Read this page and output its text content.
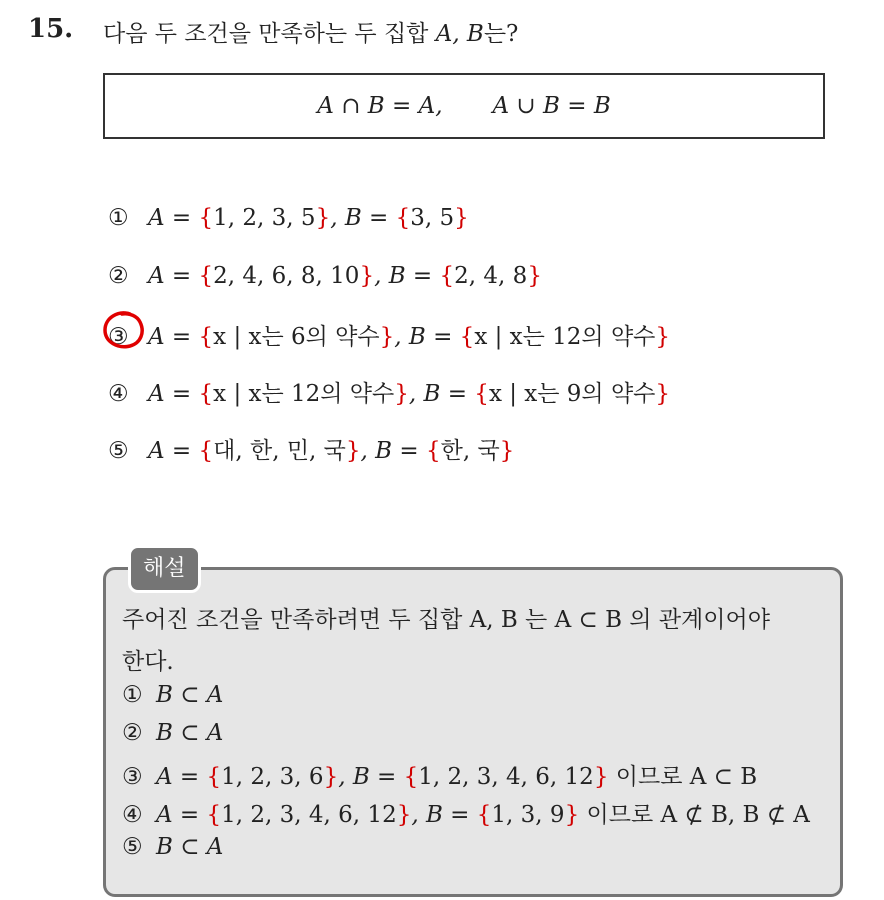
15. 다음 두 조건을 만족하는 두 집합 A, B는?
A ∩ B = A, A ∪ B = B
① A = {1, 2, 3, 5}, B = {3, 5}
② A = {2, 4, 6, 8, 10}, B = {2, 4, 8}
③ A = {x | x는 6의 약수}, B = {x | x는 12의 약수}
④ A = {x | x는 12의 약수}, B = {x | x는 9의 약수}
⑤ A = {대, 한, 민, 국}, B = {한, 국}
해설
주어진 조건을 만족하려면 두 집합 A, B 는 A ⊂ B 의 관계이어야
한다.
① B ⊂ A
② B ⊂ A
③ A = {1, 2, 3, 6}, B = {1, 2, 3, 4, 6, 12} 이므로 A ⊂ B
④ A = {1, 2, 3, 4, 6, 12}, B = {1, 3, 9} 이므로 A ⊄ B, B ⊄ A
⑤ B ⊂ A
